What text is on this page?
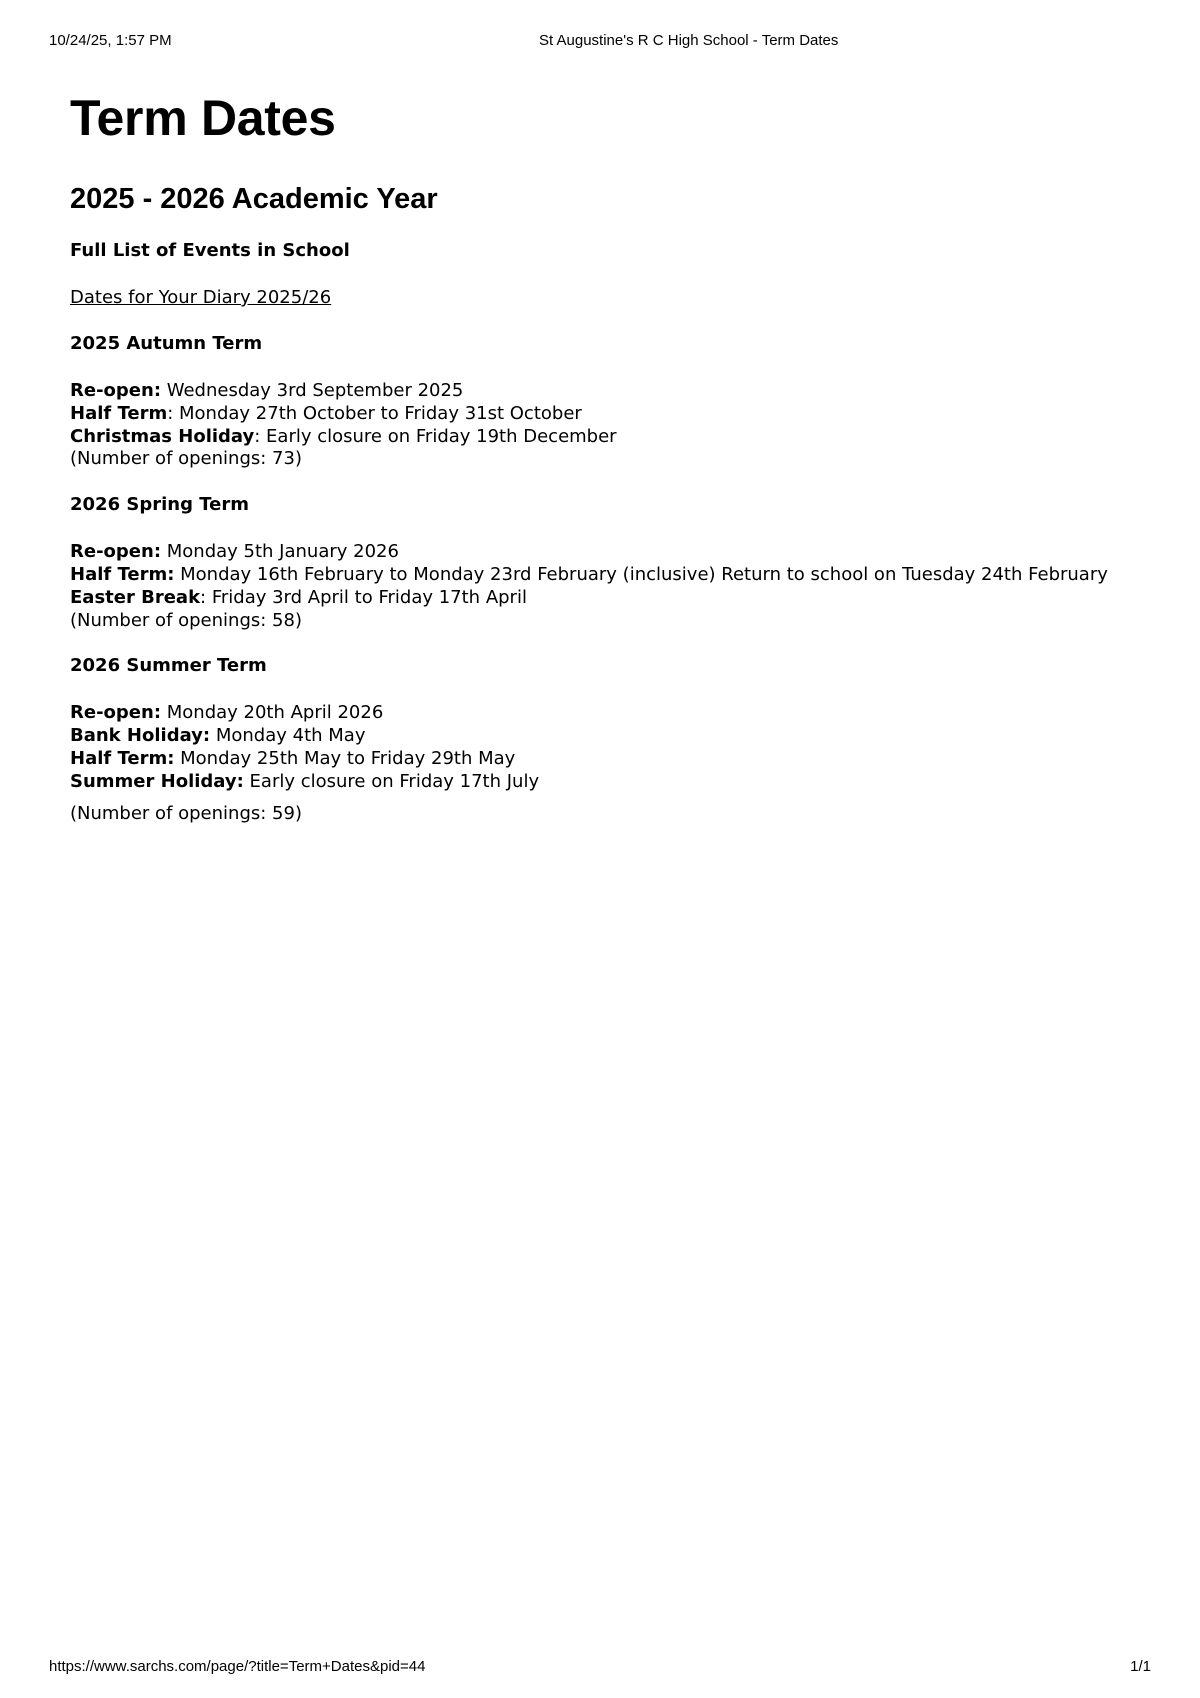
10/24/25, 1:57 PM	St Augustine's R C High School - Term Dates
Term Dates
2025 - 2026 Academic Year
Full List of Events in School
Dates for Your Diary 2025/26
2025 Autumn Term
Re-open: Wednesday 3rd September 2025
Half Term: Monday 27th October to Friday 31st October
Christmas Holiday: Early closure on Friday 19th December
(Number of openings: 73)
2026 Spring Term
Re-open: Monday 5th January 2026
Half Term: Monday 16th February to Monday 23rd February (inclusive) Return to school on Tuesday 24th February
Easter Break: Friday 3rd April to Friday 17th April
(Number of openings: 58)
2026 Summer Term
Re-open: Monday 20th April 2026
Bank Holiday: Monday 4th May
Half Term: Monday 25th May to Friday 29th May
Summer Holiday: Early closure on Friday 17th July
(Number of openings: 59)
https://www.sarchs.com/page/?title=Term+Dates&pid=44	1/1
